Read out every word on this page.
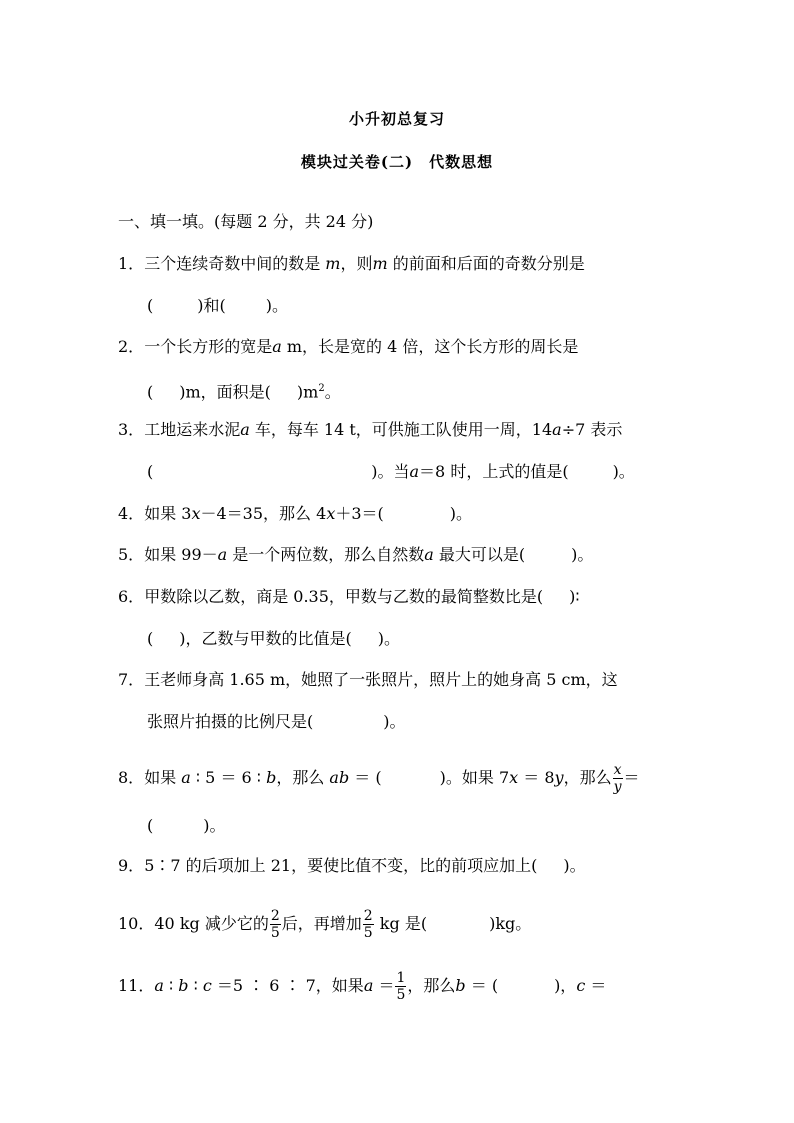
小升初总复习
模块过关卷(二)　代数思想
一、填一填。(每题 2 分，共 24 分)
1．三个连续奇数中间的数是 m，则m 的前面和后面的奇数分别是
(	)和(	)。
2．一个长方形的宽是a m，长是宽的 4 倍，这个长方形的周长是
( )m，面积是( )$m^2$。
3．工地运来水泥a 车，每车 14 t，可供施工队使用一周，14a÷7 表示
(	)。当a＝8 时，上式的值是(	)。
4．如果 3x－4＝35，那么 4x＋3＝(	)。
5．如果 99－a 是一个两位数，那么自然数a 最大可以是(	)。
6．甲数除以乙数，商是 0.35，甲数与乙数的最简整数比是( )∶
( )，乙数与甲数的比值是( )。
7．王老师身高 1.65 m，她照了一张照片，照片上的她身高 5 cm，这
张照片拍摄的比例尺是(	)。
8．如果 a ∶ 5 ＝ 6 ∶ b，那么 ab ＝ (	)。如果 7x ＝ 8y，那么 $\frac{x}{y}$ ＝
(	)。
9．5∶7 的后项加上 21，要使比值不变，比的前项应加上( )。
10．40 kg 减少它的 $\frac{2}{5}$ 后，再增加 $\frac{2}{5}$ kg 是(	)kg。
11．a ∶ b ∶ c ＝5 ∶ 6 ∶ 7，如果$a = \frac{1}{5}$ ，那么b ＝ (	)，c ＝
